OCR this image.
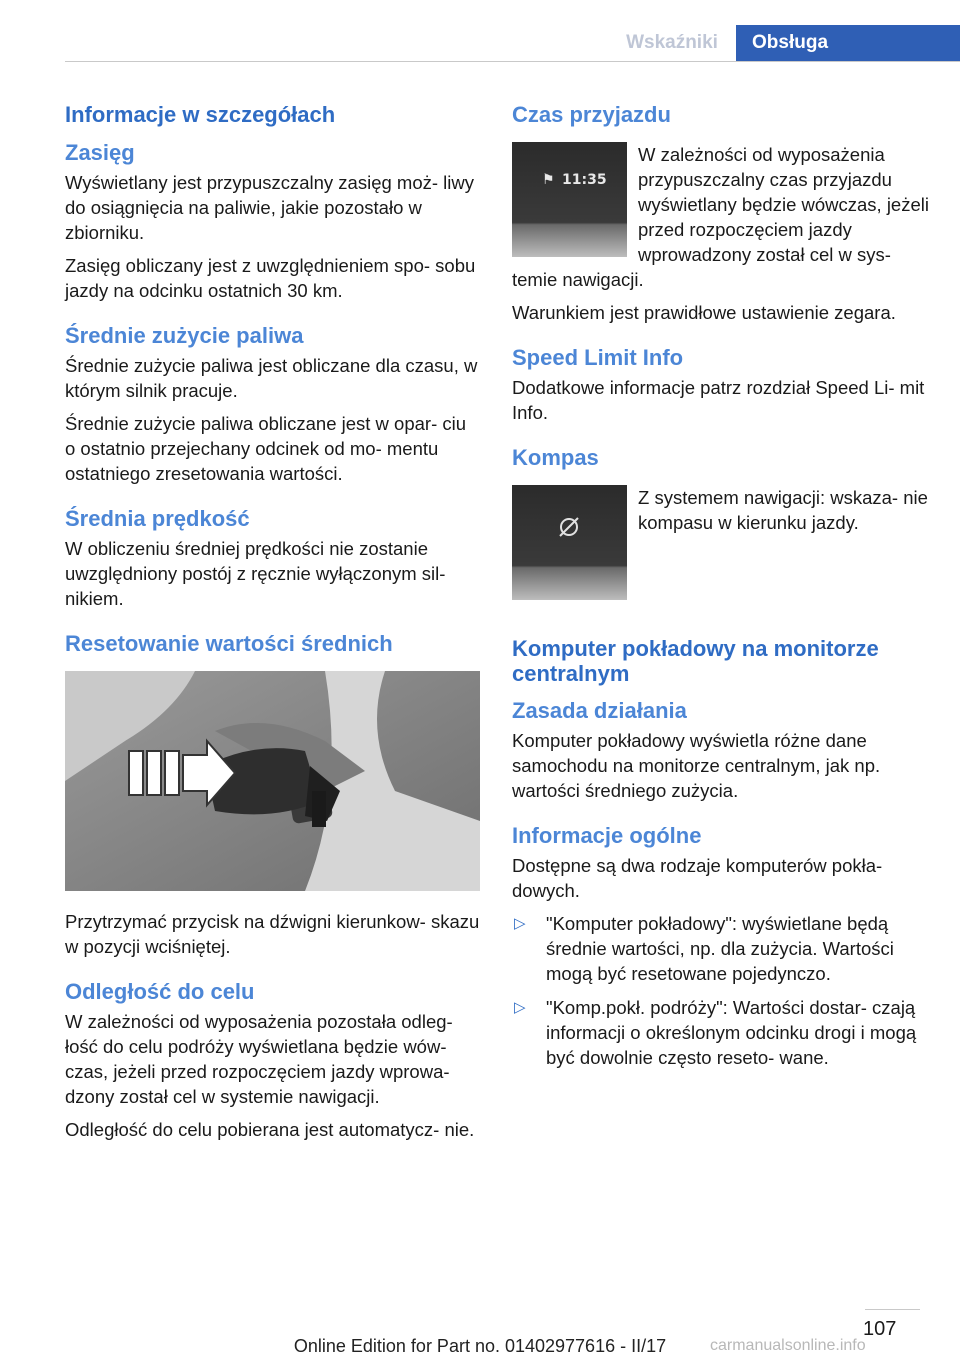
Wskaźniki	Obsługa
Informacje w szczegółach
Zasięg
Wyświetlany jest przypuszczalny zasięg moż‐ liwy do osiągnięcia na paliwie, jakie pozostało w zbiorniku.
Zasięg obliczany jest z uwzględnieniem spo‐ sobu jazdy na odcinku ostatnich 30 km.
Średnie zużycie paliwa
Średnie zużycie paliwa jest obliczane dla czasu, w którym silnik pracuje.
Średnie zużycie paliwa obliczane jest w opar‐ ciu o ostatnio przejechany odcinek od mo‐ mentu ostatniego zresetowania wartości.
Średnia prędkość
W obliczeniu średniej prędkości nie zostanie uwzględniony postój z ręcznie wyłączonym sil‐ nikiem.
Resetowanie wartości średnich
Przytrzymać przycisk na dźwigni kierunkow‐ skazu w pozycji wciśniętej.
Odległość do celu
W zależności od wyposażenia pozostała odleg‐ łość do celu podróży wyświetlana będzie wów‐ czas, jeżeli przed rozpoczęciem jazdy wprowa‐ dzony został cel w systemie nawigacji.
Odległość do celu pobierana jest automatycz‐ nie.
Czas przyjazdu
⚑ 11:35
W zależności od wyposażenia przypuszczalny czas przyjazdu wyświetlany będzie wówczas, jeżeli przed rozpoczęciem jazdy wprowadzony został cel w sys‐ temie nawigacji.
Warunkiem jest prawidłowe ustawienie zegara.
Speed Limit Info
Dodatkowe informacje patrz rozdział Speed Li‐ mit Info.
Kompas
Z systemem nawigacji: wskaza‐ nie kompasu w kierunku jazdy.
Komputer pokładowy na monitorze centralnym
Zasada działania
Komputer pokładowy wyświetla różne dane samochodu na monitorze centralnym, jak np. wartości średniego zużycia.
Informacje ogólne
Dostępne są dwa rodzaje komputerów pokła‐ dowych.
▷ "Komputer pokładowy": wyświetlane będą średnie wartości, np. dla zużycia. Wartości mogą być resetowane pojedynczo.
▷ "Komp.pokł. podróży": Wartości dostar‐ czają informacji o określonym odcinku drogi i mogą być dowolnie często reseto‐ wane.
107
Online Edition for Part no. 01402977616 - II/17	carmanualsonline.info
